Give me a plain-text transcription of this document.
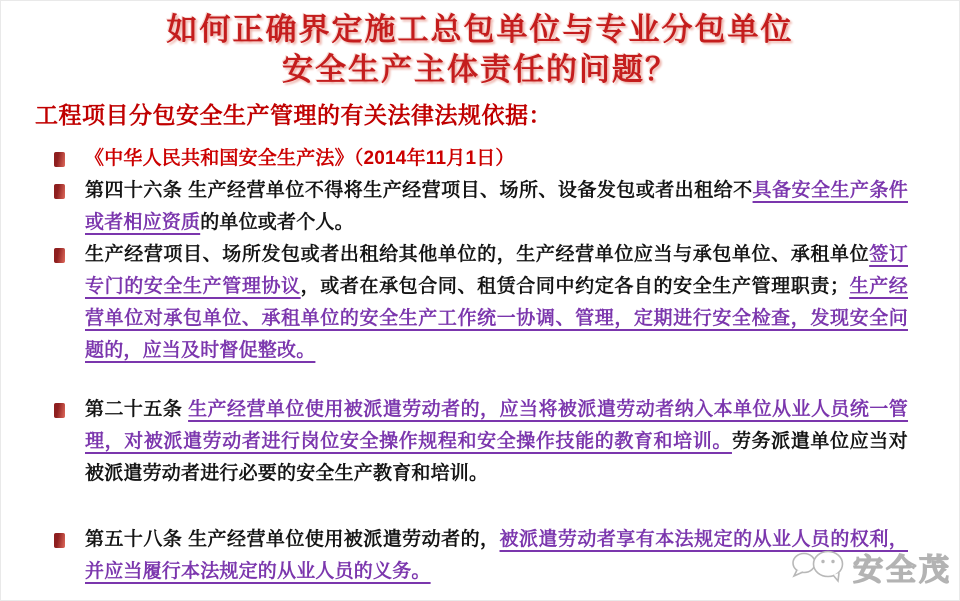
如何正确界定施工总包单位与专业分包单位
安全生产主体责任的问题？
工程项目分包安全生产管理的有关法律法规依据：

《中华人民共和国安全生产法》（2014年11月1日）

第四十六条 生产经营单位不得将生产经营项目、场所、设备发包或者出租给不具备安全生产条件或者相应资质的单位或者个人。

生产经营项目、场所发包或者出租给其他单位的，生产经营单位应当与承包单位、承租单位签订专门的安全生产管理协议，或者在承包合同、租赁合同中约定各自的安全生产管理职责；生产经营单位对承包单位、承租单位的安全生产工作统一协调、管理，定期进行安全检查，发现安全问题的，应当及时督促整改。

第二十五条 生产经营单位使用被派遣劳动者的，应当将被派遣劳动者纳入本单位从业人员统一管理，对被派遣劳动者进行岗位安全操作规程和安全操作技能的教育和培训。劳务派遣单位应当对被派遣劳动者进行必要的安全生产教育和培训。

第五十八条 生产经营单位使用被派遣劳动者的，被派遣劳动者享有本法规定的从业人员的权利，并应当履行本法规定的从业人员的义务。	安全茂
